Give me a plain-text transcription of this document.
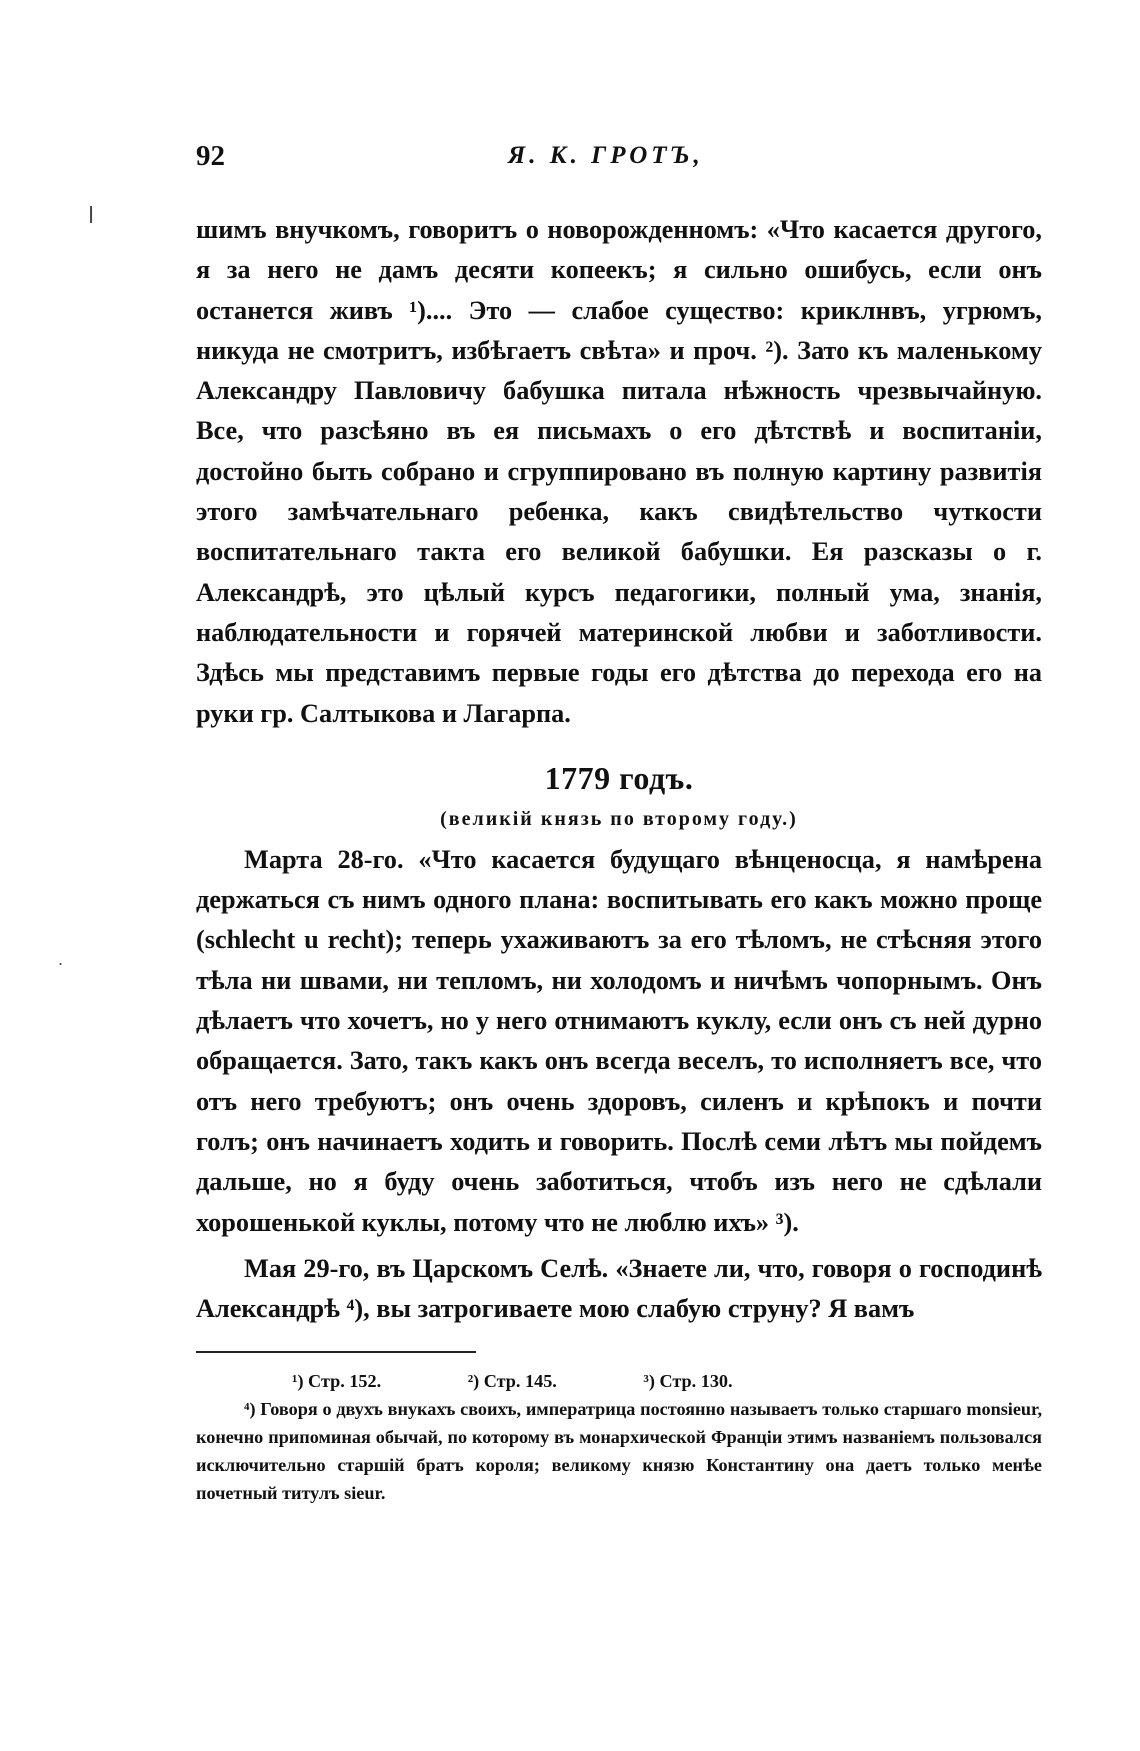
l
.
92	Я. К. ГРОТЪ,

шимъ внучкомъ, говоритъ о новорожденномъ: «Что касается другого, я за него не дамъ десяти копеекъ; я сильно ошибусь, если онъ останется живъ ¹).... Это — слабое существо: криклнвъ, угрюмъ, никуда не смотритъ, избѣгаетъ свѣта» и проч. ²). Зато къ маленькому Александру Павловичу бабушка питала нѣжность чрезвычайную. Все, что разсѣяно въ ея письмахъ о его дѣтствѣ и воспитаніи, достойно быть собрано и сгруппировано въ полную картину развитія этого замѣчательнаго ребенка, какъ свидѣтельство чуткости воспитательнаго такта его великой бабушки. Ея разсказы о г. Александрѣ, это цѣлый курсъ педагогики, полный ума, знанія, наблюдательности и горячей материнской любви и заботливости. Здѣсь мы представимъ первые годы его дѣтства до перехода его на руки гр. Салтыкова и Лагарпа.

1779 годъ.
(великій князь по второму году.)

Марта 28-го. «Что касается будущаго вѣнценосца, я намѣрена держаться съ нимъ одного плана: воспитывать его какъ можно проще (schlecht u recht); теперь ухаживаютъ за его тѣломъ, не стѣсняя этого тѣла ни швами, ни тепломъ, ни холодомъ и ничѣмъ чопорнымъ. Онъ дѣлаетъ что хочетъ, но у него отнимаютъ куклу, если онъ съ ней дурно обращается. Зато, такъ какъ онъ всегда веселъ, то исполняетъ все, что отъ него требуютъ; онъ очень здоровъ, силенъ и крѣпокъ и почти голъ; онъ начинаетъ ходить и говорить. Послѣ семи лѣтъ мы пойдемъ дальше, но я буду очень заботиться, чтобъ изъ него не сдѣлали хорошенькой куклы, потому что не люблю ихъ» ³).

Мая 29-го, въ Царскомъ Селѣ. «Знаете ли, что, говоря о господинѣ Александрѣ ⁴), вы затрогиваете мою слабую струну? Я вамъ

¹) Стр. 152.	²) Стр. 145.	³) Стр. 130.

⁴) Говоря о двухъ внукахъ своихъ, императрица постоянно называетъ только старшаго monsieur, конечно припоминая обычай, по которому въ монархической Франціи этимъ названіемъ пользовался исключительно старшій братъ короля; великому князю Константину она даетъ только менѣе почетный титулъ sieur.
